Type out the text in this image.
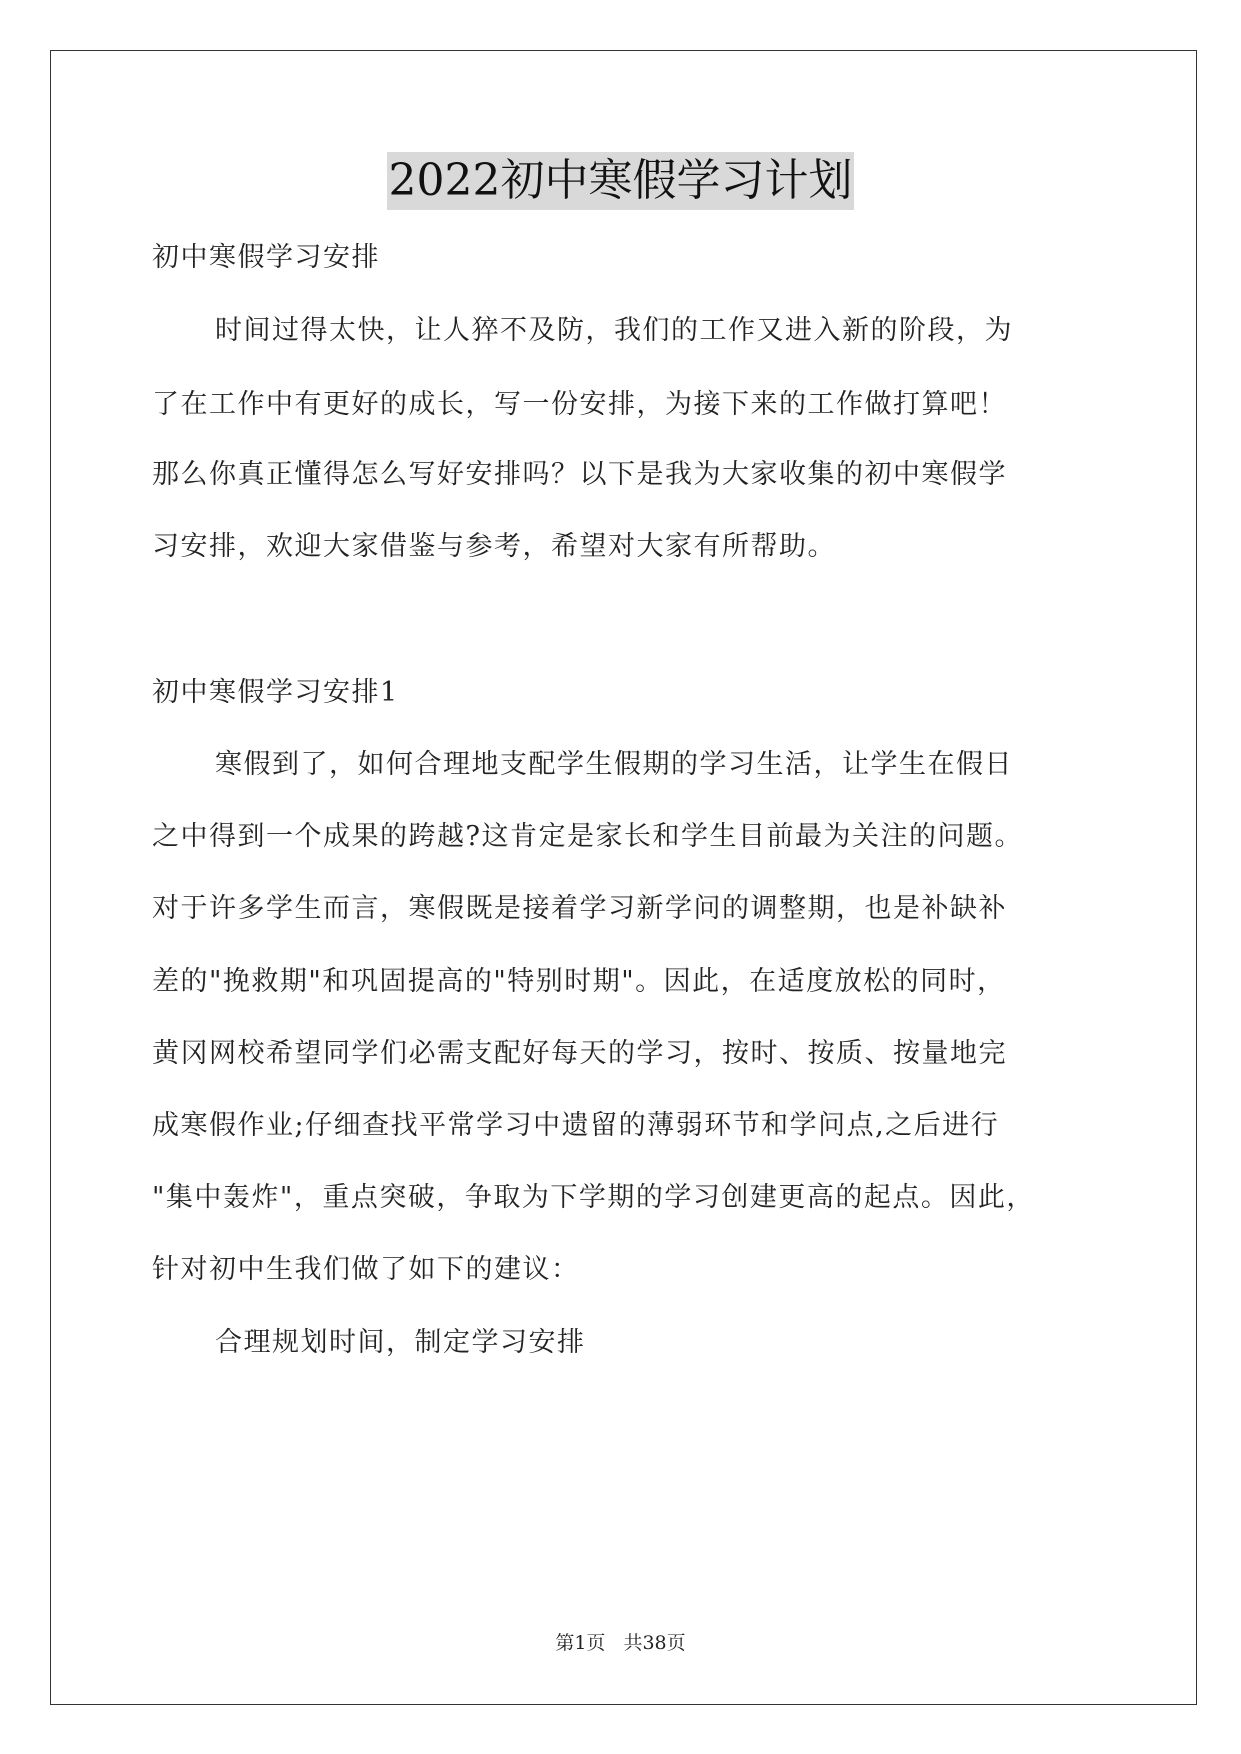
2022初中寒假学习计划
初中寒假学习安排
时间过得太快，让人猝不及防，我们的工作又进入新的阶段，为
了在工作中有更好的成长，写一份安排，为接下来的工作做打算吧！
那么你真正懂得怎么写好安排吗？以下是我为大家收集的初中寒假学
习安排，欢迎大家借鉴与参考，希望对大家有所帮助。
初中寒假学习安排1
寒假到了，如何合理地支配学生假期的学习生活，让学生在假日
之中得到一个成果的跨越?这肯定是家长和学生目前最为关注的问题。
对于许多学生而言，寒假既是接着学习新学问的调整期，也是补缺补
差的"挽救期"和巩固提高的"特别时期"。因此，在适度放松的同时，
黄冈网校希望同学们必需支配好每天的学习，按时、按质、按量地完
成寒假作业;仔细查找平常学习中遗留的薄弱环节和学问点,之后进行
"集中轰炸"，重点突破，争取为下学期的学习创建更高的起点。因此，
针对初中生我们做了如下的建议：
合理规划时间，制定学习安排
第1页 共38页
